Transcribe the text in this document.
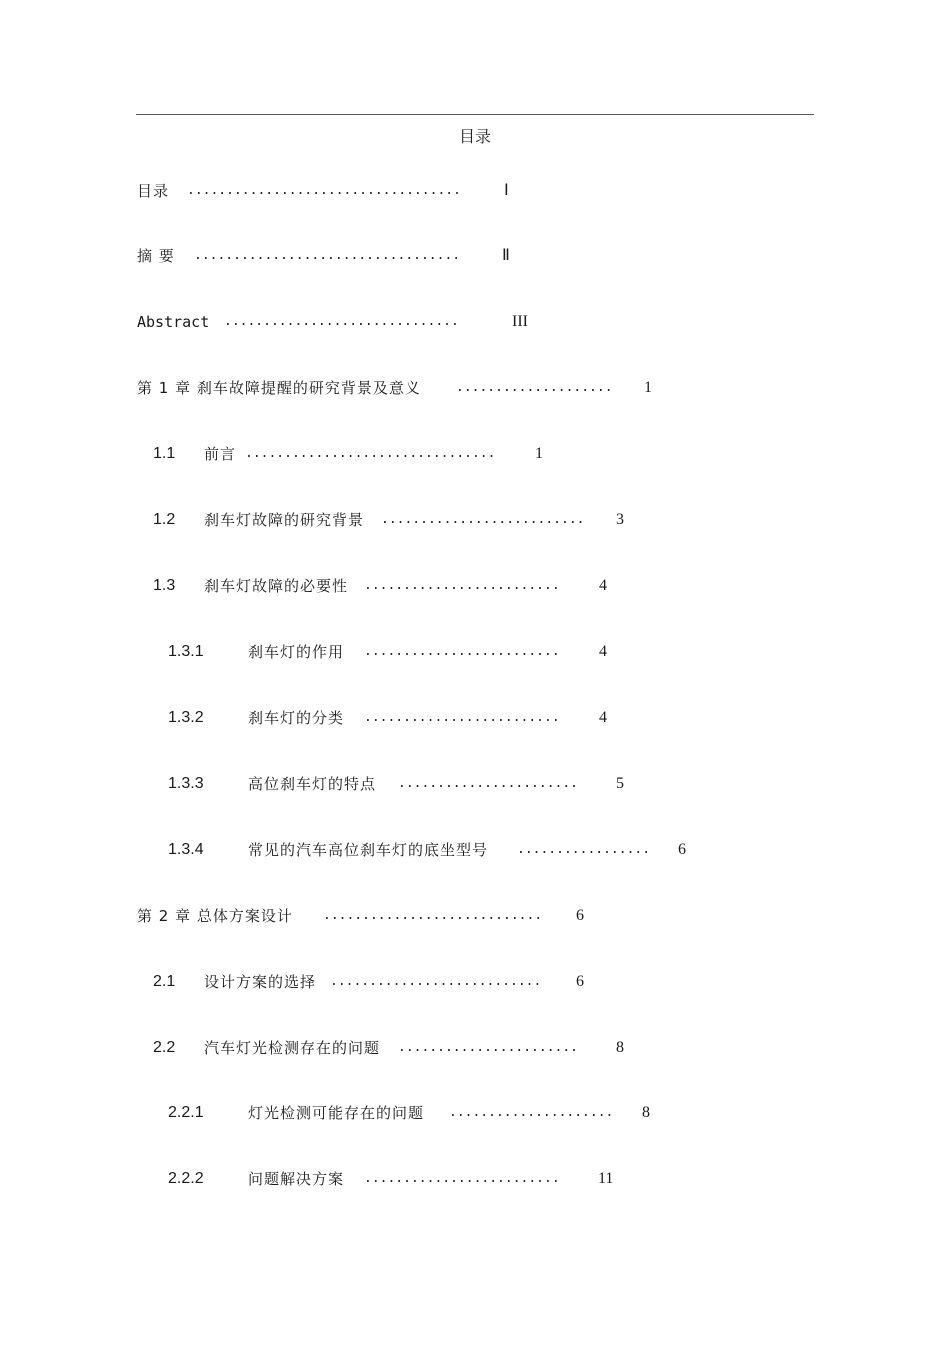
目录
目录 ...................................	Ⅰ
摘 要 ..................................	Ⅱ
Abstract ..............................	III
第 1 章 刹车故障提醒的研究背景及意义	.................... 1
1.1 前言 ................................ 1
1.2 刹车灯故障的研究背景 .......................... 3
1.3 刹车灯故障的必要性 ......................... 4
1.3.1	刹车灯的作用 ......................... 4
1.3.2	刹车灯的分类 ......................... 4
1.3.3	高位刹车灯的特点 ....................... 5
1.3.4	常见的汽车高位刹车灯的底坐型号 ................. 6
第 2 章 总体方案设计 ............................ 6
2.1 设计方案的选择 ........................... 6
2.2 汽车灯光检测存在的问题 ....................... 8
2.2.1	灯光检测可能存在的问题 ..................... 8
2.2.2	问题解决方案 ......................... 11
